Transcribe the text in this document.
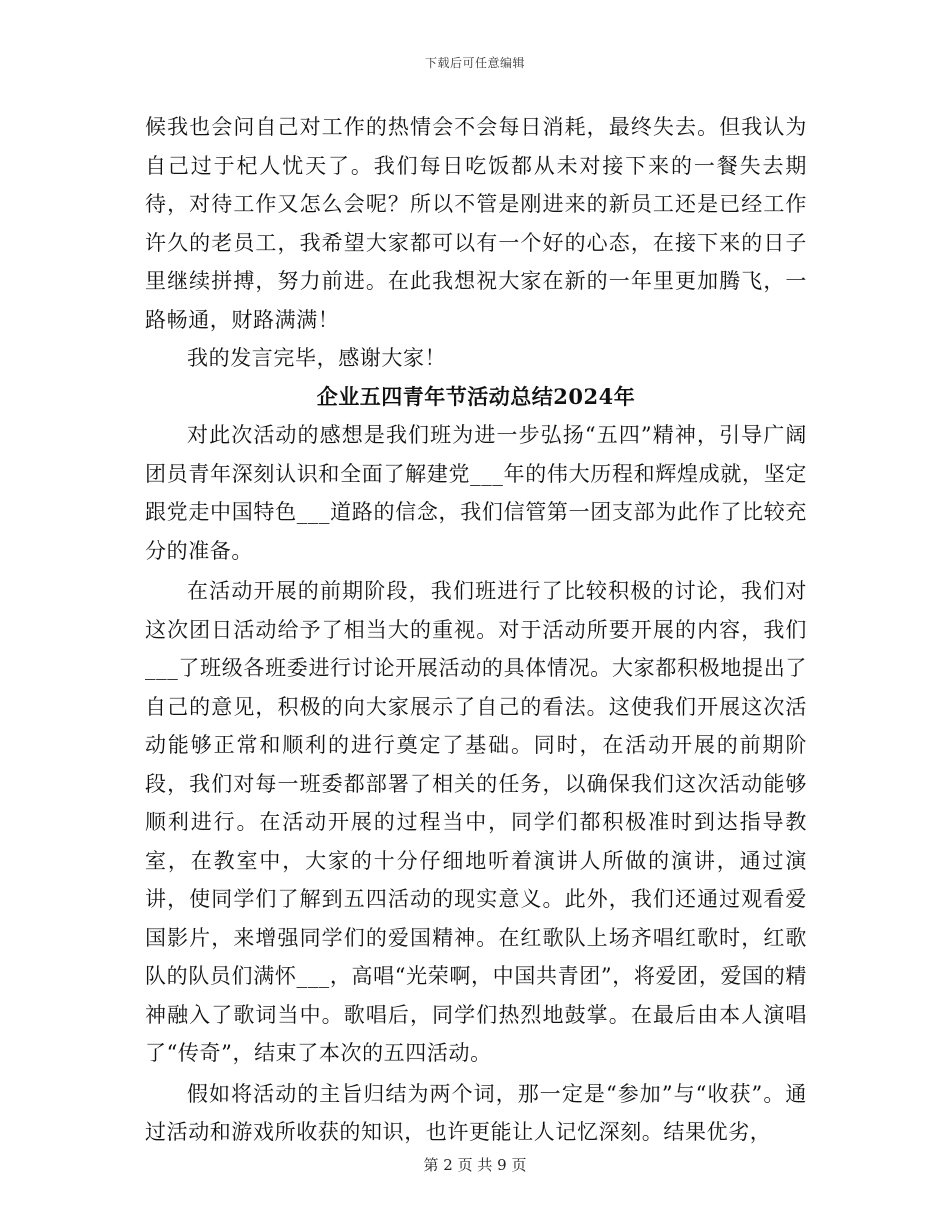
下载后可任意编辑

候我也会问自己对工作的热情会不会每日消耗，最终失去。但我认为自己过于杞人忧天了。我们每日吃饭都从未对接下来的一餐失去期待，对待工作又怎么会呢？所以不管是刚进来的新员工还是已经工作许久的老员工，我希望大家都可以有一个好的心态，在接下来的日子里继续拼搏，努力前进。在此我想祝大家在新的一年里更加腾飞，一路畅通，财路满满！

我的发言完毕，感谢大家！

企业五四青年节活动总结2024年

对此次活动的感想是我们班为进一步弘扬“五四”精神，引导广阔团员青年深刻认识和全面了解建党___年的伟大历程和辉煌成就，坚定跟党走中国特色___道路的信念，我们信管第一团支部为此作了比较充分的准备。

在活动开展的前期阶段，我们班进行了比较积极的讨论，我们对这次团日活动给予了相当大的重视。对于活动所要开展的内容，我们___了班级各班委进行讨论开展活动的具体情况。大家都积极地提出了自己的意见，积极的向大家展示了自己的看法。这使我们开展这次活动能够正常和顺利的进行奠定了基础。同时，在活动开展的前期阶段，我们对每一班委都部署了相关的任务，以确保我们这次活动能够顺利进行。在活动开展的过程当中，同学们都积极准时到达指导教室，在教室中，大家的十分仔细地听着演讲人所做的演讲，通过演讲，使同学们了解到五四活动的现实意义。此外，我们还通过观看爱国影片，来增强同学们的爱国精神。在红歌队上场齐唱红歌时，红歌队的队员们满怀___，高唱“光荣啊，中国共青团”，将爱团，爱国的精神融入了歌词当中。歌唱后，同学们热烈地鼓掌。在最后由本人演唱了“传奇”，结束了本次的五四活动。

假如将活动的主旨归结为两个词，那一定是“参加”与“收获”。通过活动和游戏所收获的知识，也许更能让人记忆深刻。结果优劣，

第 2 页 共 9 页
